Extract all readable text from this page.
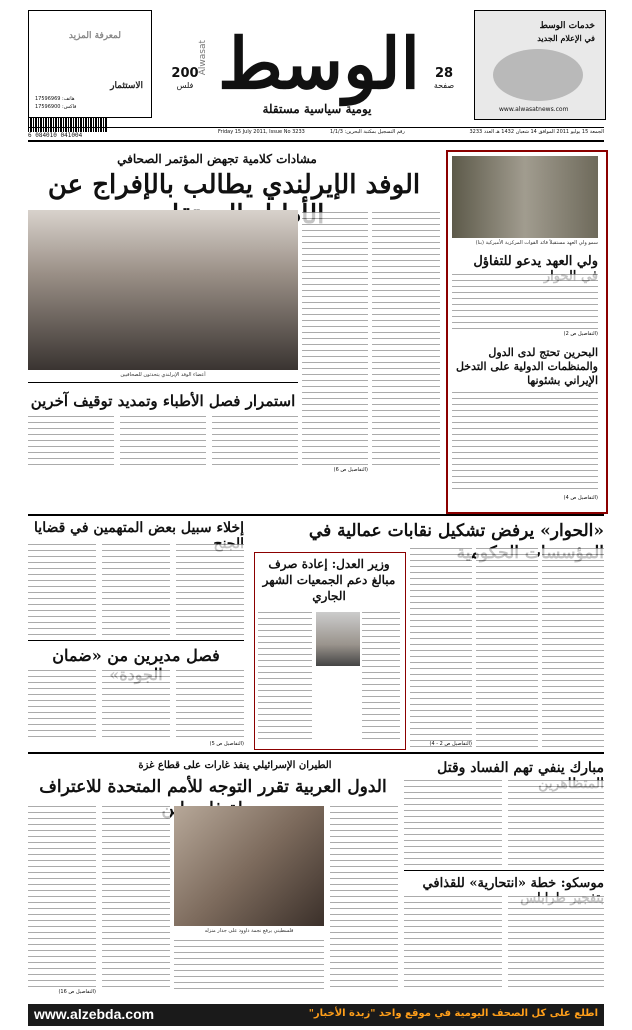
لمعرفة المزيد
الاستثمار
هاتف: 17596969
فاكس: 17596900
200
فلس الوسط
Alwasat
يومية سياسية مستقلة
28
صفحة
خدمات الوسط
في الإعلام الجديد
www.alwasatnews.com
6 084010 041004	Friday 15 July 2011, Issue No 3233	رقم التسجيل بمكتبة البحرين: 1/1/3	الجمعة 15 يوليو 2011 الموافق 14 شعبان 1432 هـ العدد 3233
مشادات كلامية تجهض المؤتمر الصحافي
الوفد الإيرلندي يطالب بالإفراج عن
أعضاء الوفد الإيرلندي يتحدثون للصحافيين
استمرار فصل الأطباء وتمديد توقيف آخرين
(التفاصيل ص 6)
سمو ولي العهد مستقبلاً قائد القوات المركزية الأميركية (بنا)
ولي العهد يدعو للتفاؤل
(التفاصيل ص 2)
البحرين تحتج لدى الدول والمنظمات الدولية على التدخل الإيراني بشئونها
(التفاصيل ص 4)
«الحوار» يرفض تشكيل نقابات عمالية في
وزير العدل: إعادة صرف مبالغ دعم الجمعيات الشهر الجاري
(التفاصيل ص 2 - 4)
إخلاء سبيل بعض المتهمين في قضايا
فصل مديرين من «ضمان
(التفاصيل ص 5)
مبارك ينفي تهم الفساد وقتل
موسكو: خطة «انتحارية» للقذافي
الطيران الإسرائيلي ينفذ غارات على قطاع غزة
الدول العربية تقرر التوجه للأمم المتحدة للاعتراف
فلسطيني يرفع نجمة داوود على جدار منزله
(التفاصيل ص 16)
اطلع على كل الصحف اليومية في موقع واحد "زبدة الأخبار"
www.alzebda.com
